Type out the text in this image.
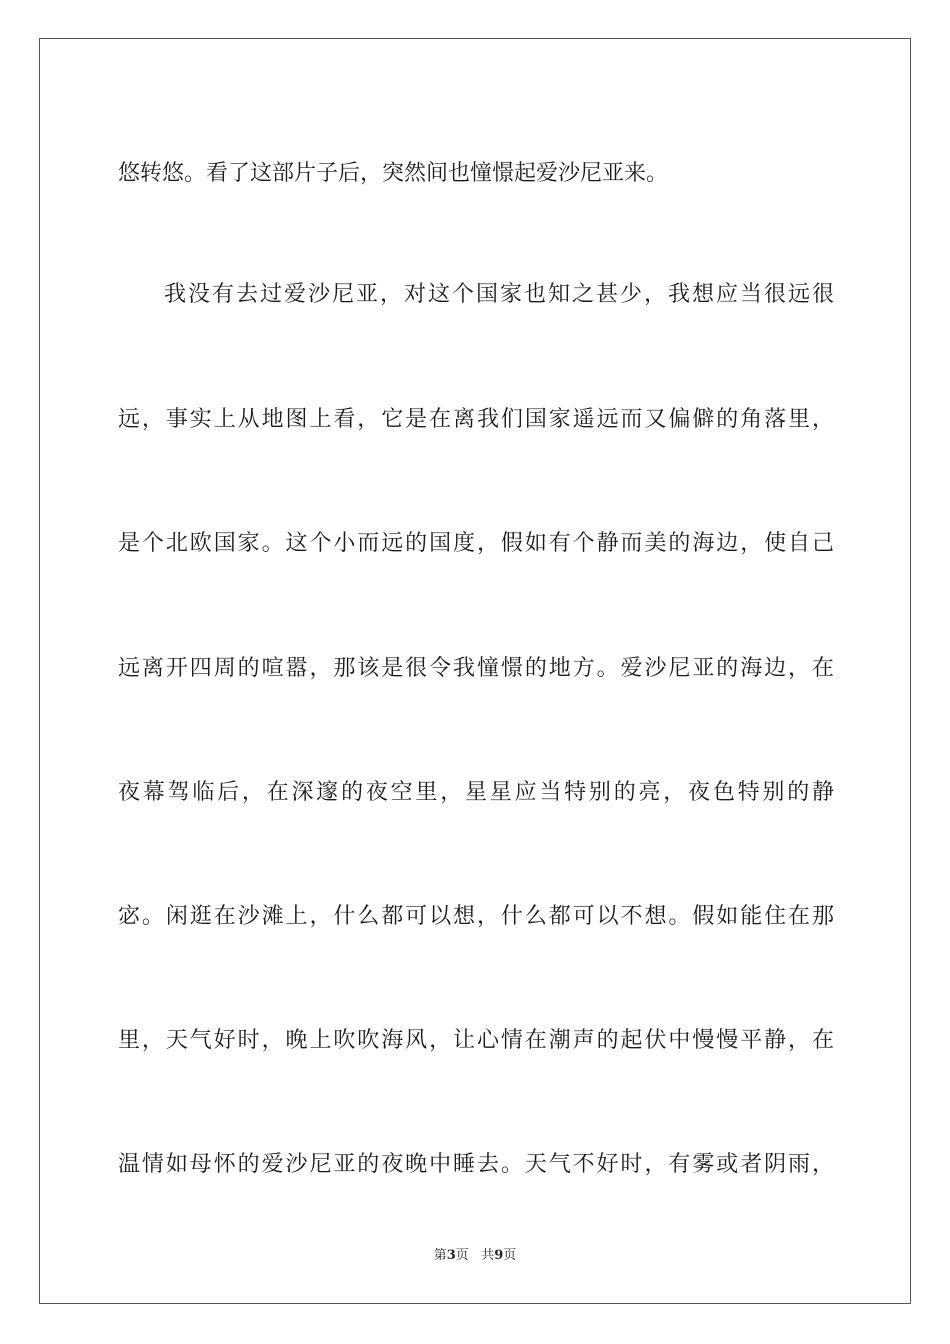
悠转悠。看了这部片子后，突然间也憧憬起爱沙尼亚来。

我没有去过爱沙尼亚，对这个国家也知之甚少，我想应当很远很

远，事实上从地图上看，它是在离我们国家遥远而又偏僻的角落里，

是个北欧国家。这个小而远的国度，假如有个静而美的海边，使自己

远离开四周的喧嚣，那该是很令我憧憬的地方。爱沙尼亚的海边，在

夜幕驾临后，在深邃的夜空里，星星应当特别的亮，夜色特别的静

宓。闲逛在沙滩上，什么都可以想，什么都可以不想。假如能住在那

里，天气好时，晚上吹吹海风，让心情在潮声的起伏中慢慢平静，在

温情如母怀的爱沙尼亚的夜晚中睡去。天气不好时，有雾或者阴雨，

第3页 共9页
